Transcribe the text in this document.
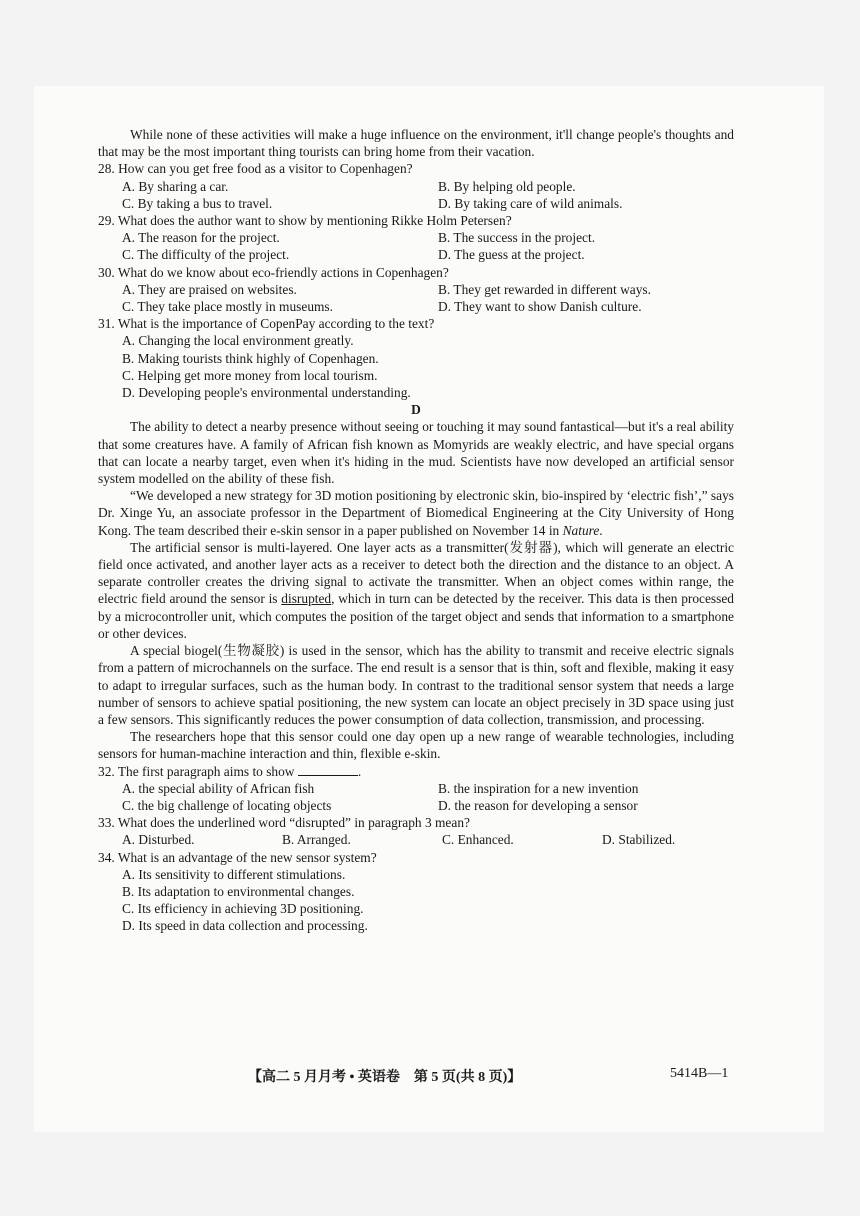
While none of these activities will make a huge influence on the environment, it'll change people's thoughts and that may be the most important thing tourists can bring home from their vacation.

28. How can you get free food as a visitor to Copenhagen?

A. By sharing a car.	B. By helping old people.
C. By taking a bus to travel.	D. By taking care of wild animals.

29. What does the author want to show by mentioning Rikke Holm Petersen?

A. The reason for the project.	B. The success in the project.
C. The difficulty of the project.	D. The guess at the project.

30. What do we know about eco-friendly actions in Copenhagen?

A. They are praised on websites.	B. They get rewarded in different ways.
C. They take place mostly in museums.	D. They want to show Danish culture.

31. What is the importance of CopenPay according to the text?

A. Changing the local environment greatly.
B. Making tourists think highly of Copenhagen.
C. Helping get more money from local tourism.
D. Developing people's environmental understanding.

D

The ability to detect a nearby presence without seeing or touching it may sound fantastical—but it's a real ability that some creatures have. A family of African fish known as Momyrids are weakly electric, and have special organs that can locate a nearby target, even when it's hiding in the mud. Scientists have now developed an artificial sensor system modelled on the ability of these fish.

“We developed a new strategy for 3D motion positioning by electronic skin, bio-inspired by ‘electric fish’,” says Dr. Xinge Yu, an associate professor in the Department of Biomedical Engineering at the City University of Hong Kong. The team described their e-skin sensor in a paper published on November 14 in Nature.

The artificial sensor is multi-layered. One layer acts as a transmitter(发射器), which will generate an electric field once activated, and another layer acts as a receiver to detect both the direction and the distance to an object. A separate controller creates the driving signal to activate the transmitter. When an object comes within range, the electric field around the sensor is disrupted, which in turn can be detected by the receiver. This data is then processed by a microcontroller unit, which computes the position of the target object and sends that information to a smartphone or other devices.

A special biogel(生物凝胶) is used in the sensor, which has the ability to transmit and receive electric signals from a pattern of microchannels on the surface. The end result is a sensor that is thin, soft and flexible, making it easy to adapt to irregular surfaces, such as the human body. In contrast to the traditional sensor system that needs a large number of sensors to achieve spatial positioning, the new system can locate an object precisely in 3D space using just a few sensors. This significantly reduces the power consumption of data collection, transmission, and processing.

The researchers hope that this sensor could one day open up a new range of wearable technologies, including sensors for human-machine interaction and thin, flexible e-skin.

32. The first paragraph aims to show	.

A. the special ability of African fish	B. the inspiration for a new invention
C. the big challenge of locating objects	D. the reason for developing a sensor

33. What does the underlined word “disrupted” in paragraph 3 mean?

A. Disturbed.	B. Arranged.	C. Enhanced.	D. Stabilized.

34. What is an advantage of the new sensor system?

A. Its sensitivity to different stimulations.
B. Its adaptation to environmental changes.
C. Its efficiency in achieving 3D positioning.
D. Its speed in data collection and processing.
【高二 5 月月考 • 英语卷　第 5 页(共 8 页)】	5414B—1
